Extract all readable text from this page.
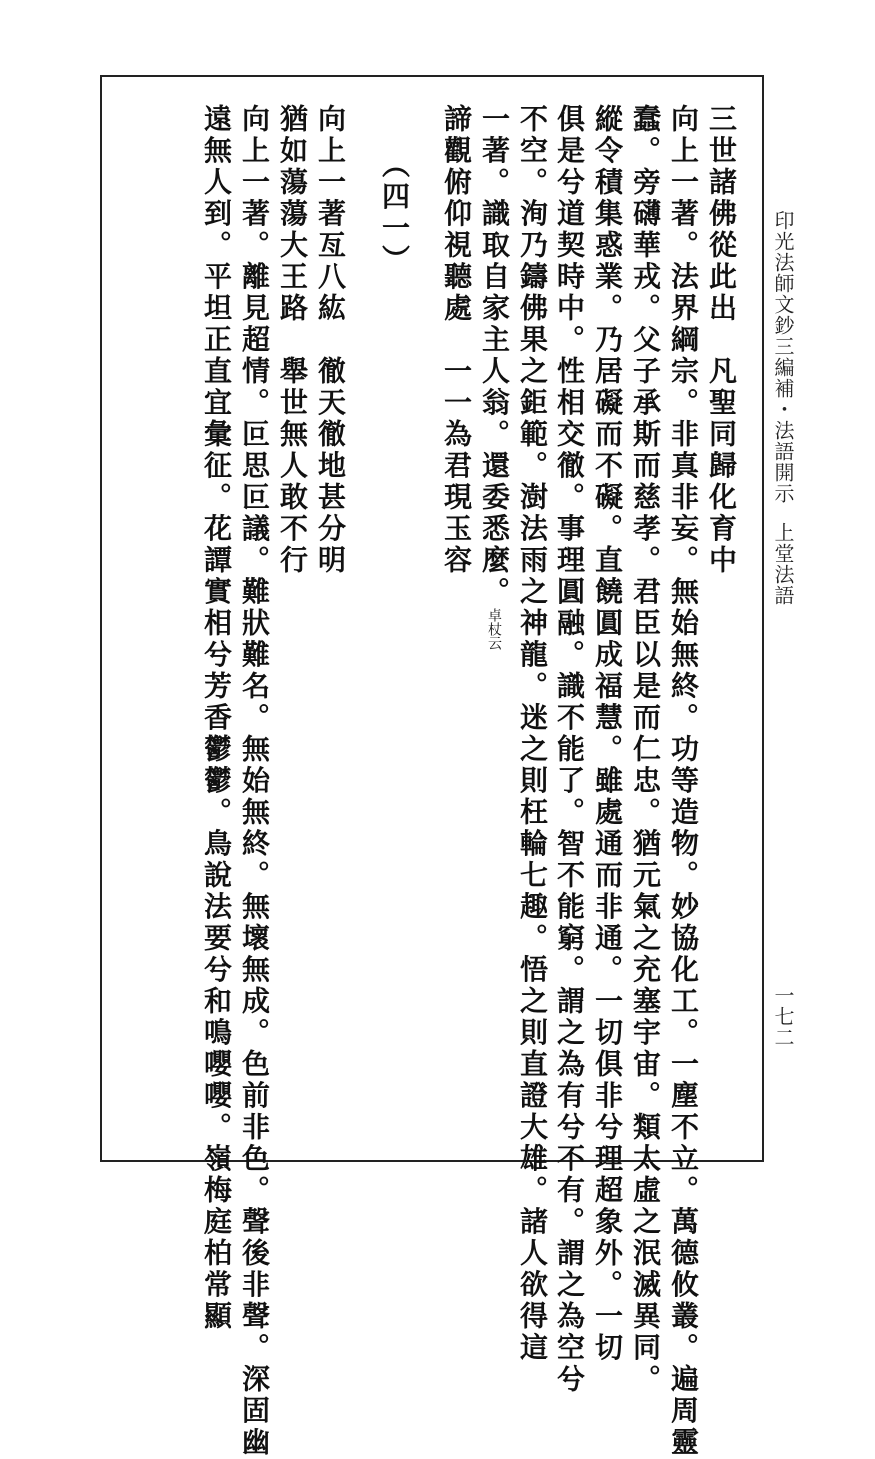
印光法師文鈔三編補・法語開示
上堂法語
一七二
三世諸佛從此出　凡聖同歸化育中
向上一著。法界綱宗。非真非妄。無始無終。功等造物。妙協化工。一塵不立。萬德攸叢。遍周靈
蠢。旁礴華戎。父子承斯而慈孝。君臣以是而仁忠。猶元氣之充塞宇宙。類太虛之泯滅異同。
縱令積集惑業。乃居礙而不礙。直饒圓成福慧。雖處通而非通。一切俱非兮理超象外。一切
俱是兮道契時中。性相交徹。事理圓融。識不能了。智不能窮。謂之為有兮不有。謂之為空兮
不空。洵乃鑄佛果之鉅範。澍法雨之神龍。迷之則枉輪七趣。悟之則直證大雄。諸人欲得這
一著。識取自家主人翁。還委悉麼。卓杖云
諦觀俯仰視聽處　一一為君現玉容
（四一）
向上一著亙八紘　徹天徹地甚分明
猶如蕩蕩大王路　舉世無人敢不行
向上一著。離見超情。叵思叵議。難狀難名。無始無終。無壞無成。色前非色。聲後非聲。深固幽
遠無人到。平坦正直宜彙征。花譚實相兮芳香鬱鬱。鳥說法要兮和鳴嚶嚶。嶺梅庭柏常顯
